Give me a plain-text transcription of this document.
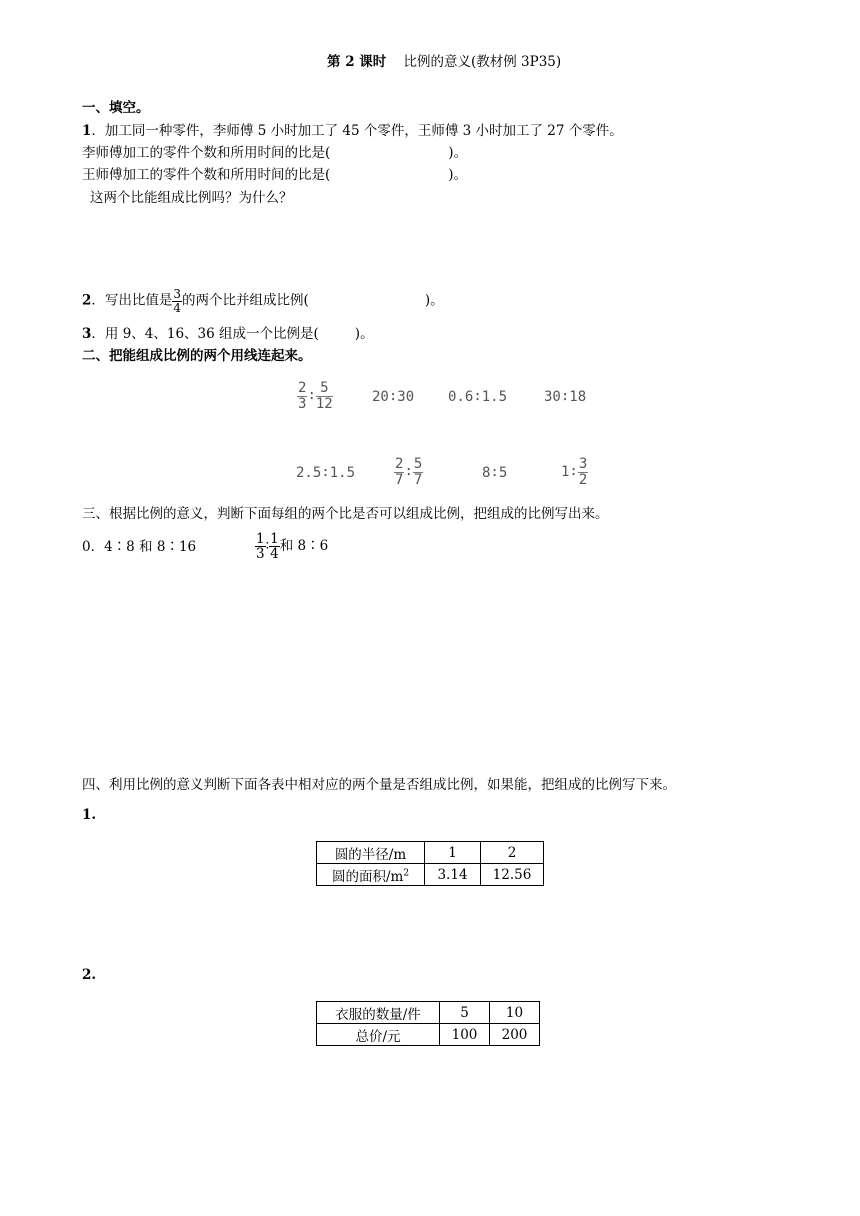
第 2 课时 比例的意义(教材例 3P35)
一、填空。
1．加工同一种零件，李师傅 5 小时加工了 45 个零件，王师傅 3 小时加工了 27 个零件。
李师傅加工的零件个数和所用时间的比是(	)。
王师傅加工的零件个数和所用时间的比是(	)。
这两个比能组成比例吗？为什么？
2．写出比值是 $\frac{3}{4}$ 的两个比并组成比例(	)。
3．用 9、4、16、36 组成一个比例是(	)。
二、把能组成比例的两个用线连起来。
$\frac{2}{3}$ ∶ $\frac{5}{12}$	20∶30 0.6∶1.5	30∶18
2.5∶1.5	$\frac{2}{7}$ ∶ $\frac{5}{7}$	8∶5	1∶ $\frac{3}{2}$
三、根据比例的意义，判断下面每组的两个比是否可以组成比例，把组成的比例写出来。
0．4∶8 和 8∶16	$\frac{1}{3}$ ∶ $\frac{1}{4}$ 和 8∶6
四、利用比例的意义判断下面各表中相对应的两个量是否组成比例，如果能，把组成的比例写下来。
1.
圆的半径/m	1	2
圆的面积$/m^2$	3.14	12.56
2.
衣服的数量/件	5	10
总价/元	100	200
